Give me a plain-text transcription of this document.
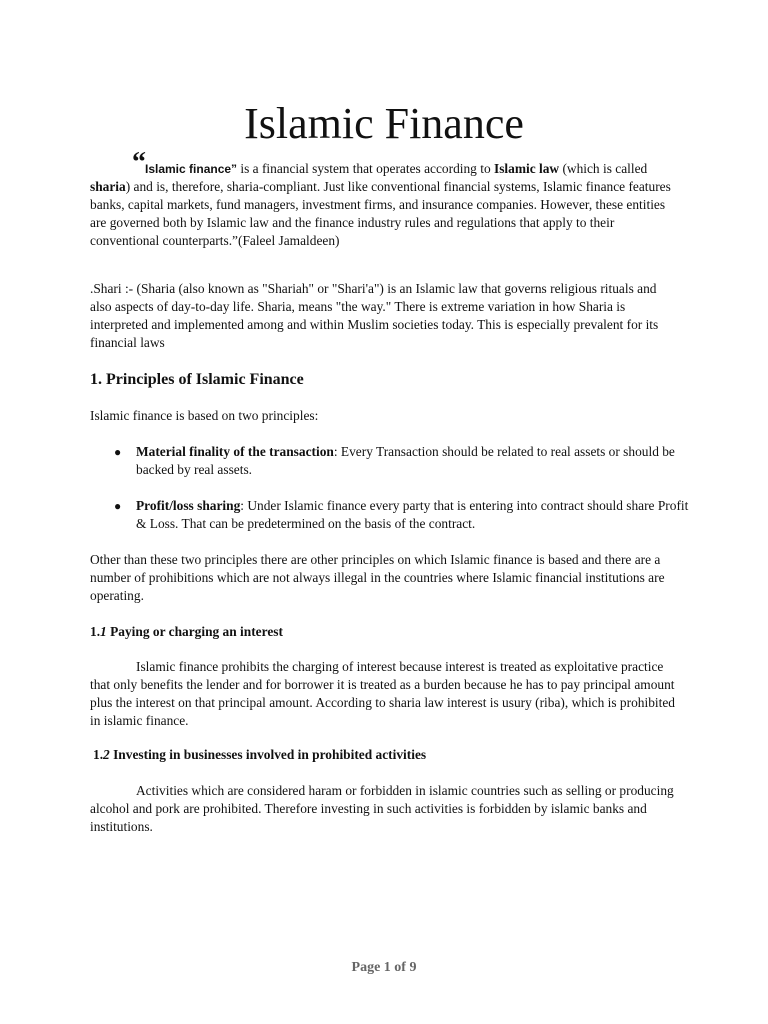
Islamic Finance

“Islamic finance” is a financial system that operates according to Islamic law (which is called sharia) and is, therefore, sharia-compliant. Just like conventional financial systems, Islamic finance features banks, capital markets, fund managers, investment firms, and insurance companies. However, these entities are governed both by Islamic law and the finance industry rules and regulations that apply to their conventional counterparts.”(Faleel Jamaldeen)

.Shari :- (Sharia (also known as "Shariah" or "Shari'a") is an Islamic law that governs religious rituals and also aspects of day-to-day life. Sharia, means "the way." There is extreme variation in how Sharia is interpreted and implemented among and within Muslim societies today. This is especially prevalent for its financial laws

1. Principles of Islamic Finance

Islamic finance is based on two principles:

● Material finality of the transaction: Every Transaction should be related to real assets or should be backed by real assets.

● Profit/loss sharing: Under Islamic finance every party that is entering into contract should share Profit & Loss. That can be predetermined on the basis of the contract.

Other than these two principles there are other principles on which Islamic finance is based and there are a number of prohibitions which are not always illegal in the countries where Islamic financial institutions are operating.

1.1 Paying or charging an interest

Islamic finance prohibits the charging of interest because interest is treated as exploitative practice that only benefits the lender and for borrower it is treated as a burden because he has to pay principal amount plus the interest on that principal amount. According to sharia law interest is usury (riba), which is prohibited in islamic finance.

1.2 Investing in businesses involved in prohibited activities

Activities which are considered haram or forbidden in islamic countries such as selling or producing alcohol and pork are prohibited. Therefore investing in such activities is forbidden by islamic banks and institutions.

Page 1 of 9
